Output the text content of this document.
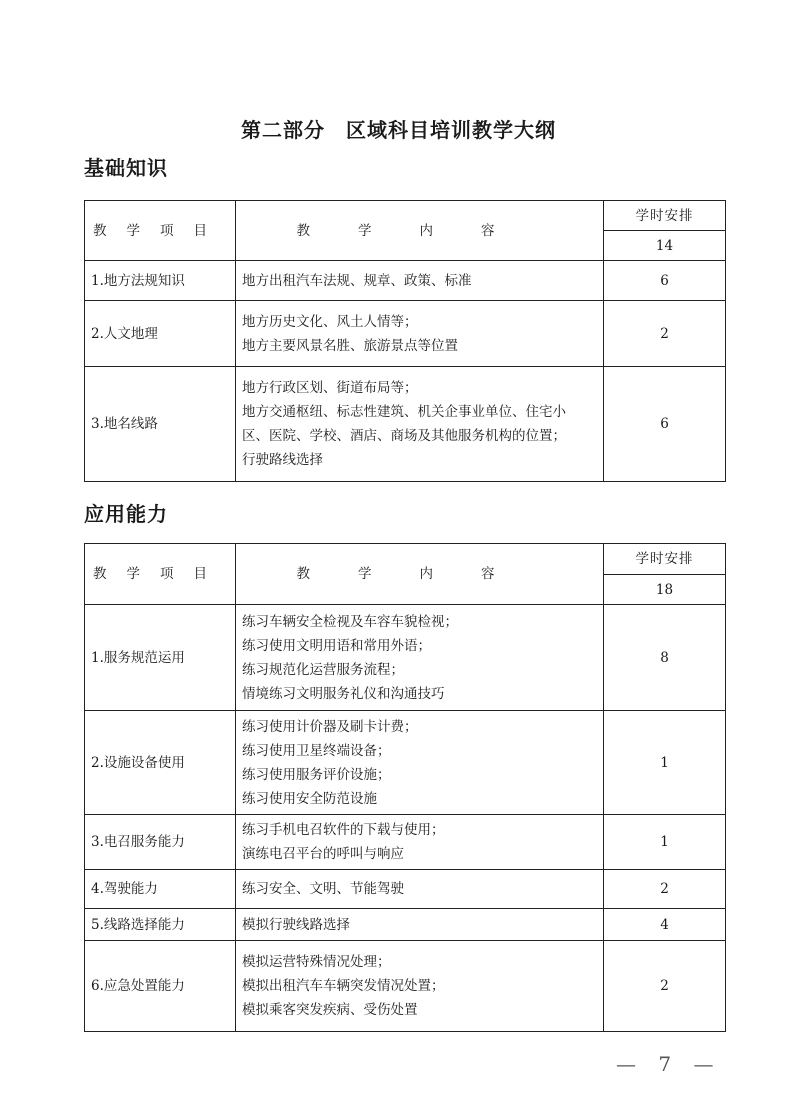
第二部分　区域科目培训教学大纲
基础知识
教学项目	教学内容	学时安排
		14
1.地方法规知识	地方出租汽车法规、规章、政策、标准	6
2.人文地理	地方历史文化、风土人情等；
地方主要风景名胜、旅游景点等位置	2
3.地名线路	地方行政区划、街道布局等；
地方交通枢纽、标志性建筑、机关企事业单位、住宅小
区、医院、学校、酒店、商场及其他服务机构的位置；
行驶路线选择	6
应用能力
教学项目	教学内容	学时安排
		18
1.服务规范运用	练习车辆安全检视及车容车貌检视；
练习使用文明用语和常用外语；
练习规范化运营服务流程；
情境练习文明服务礼仪和沟通技巧	8
2.设施设备使用	练习使用计价器及刷卡计费；
练习使用卫星终端设备；
练习使用服务评价设施；
练习使用安全防范设施	1
3.电召服务能力	练习手机电召软件的下载与使用；
演练电召平台的呼叫与响应	1
4.驾驶能力	练习安全、文明、节能驾驶	2
5.线路选择能力	模拟行驶线路选择	4
6.应急处置能力	模拟运营特殊情况处理；
模拟出租汽车车辆突发情况处置；
模拟乘客突发疾病、受伤处置	2
— 7 —
